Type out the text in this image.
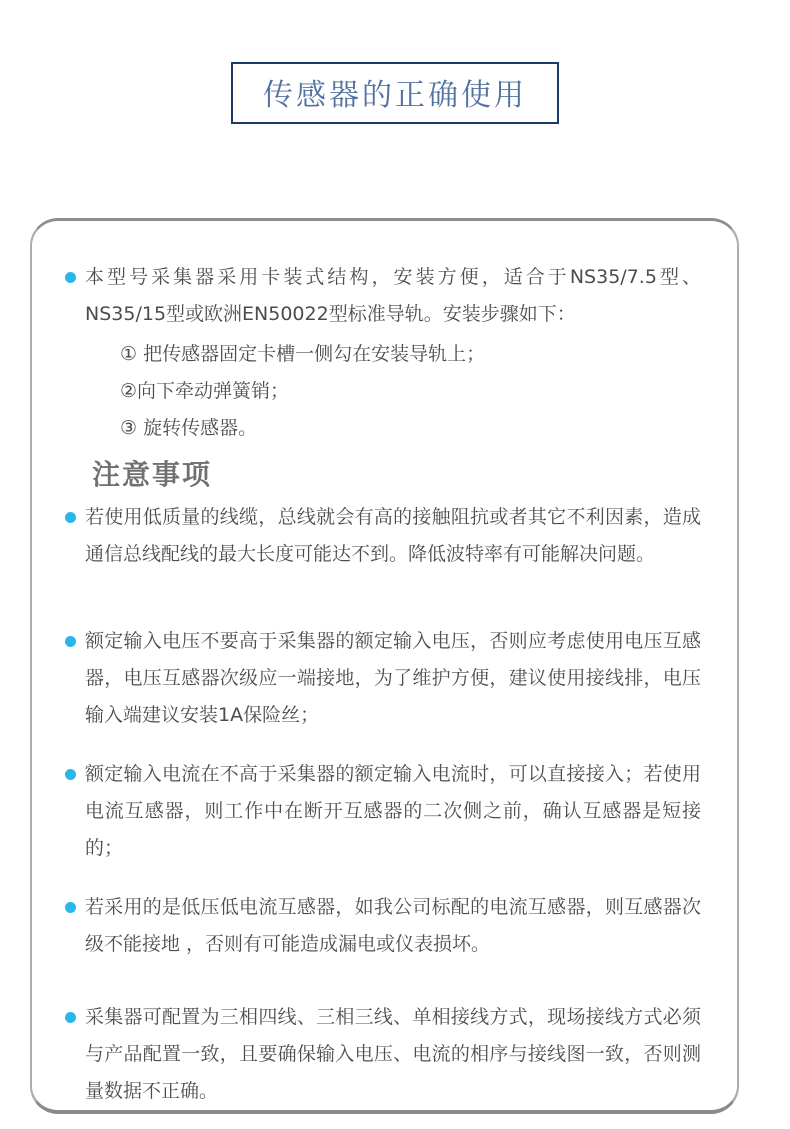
传感器的正确使用
本型号采集器采用卡装式结构，安装方便，适合于NS35/7.5型、NS35/15型或欧洲EN50022型标准导轨。安装步骤如下：
① 把传感器固定卡槽一侧勾在安装导轨上；
②向下牵动弹簧销；
③ 旋转传感器。
注意事项
若使用低质量的线缆，总线就会有高的接触阻抗或者其它不利因素，造成通信总线配线的最大长度可能达不到。降低波特率有可能解决问题。
额定输入电压不要高于采集器的额定输入电压，否则应考虑使用电压互感器，电压互感器次级应一端接地，为了维护方便，建议使用接线排，电压输入端建议安装1A保险丝；
额定输入电流在不高于采集器的额定输入电流时，可以直接接入；若使用电流互感器，则工作中在断开互感器的二次侧之前，确认互感器是短接的；
若采用的是低压低电流互感器，如我公司标配的电流互感器，则互感器次级不能接地 ，否则有可能造成漏电或仪表损坏。
采集器可配置为三相四线、三相三线、单相接线方式，现场接线方式必须与产品配置一致，且要确保输入电压、电流的相序与接线图一致，否则测量数据不正确。
